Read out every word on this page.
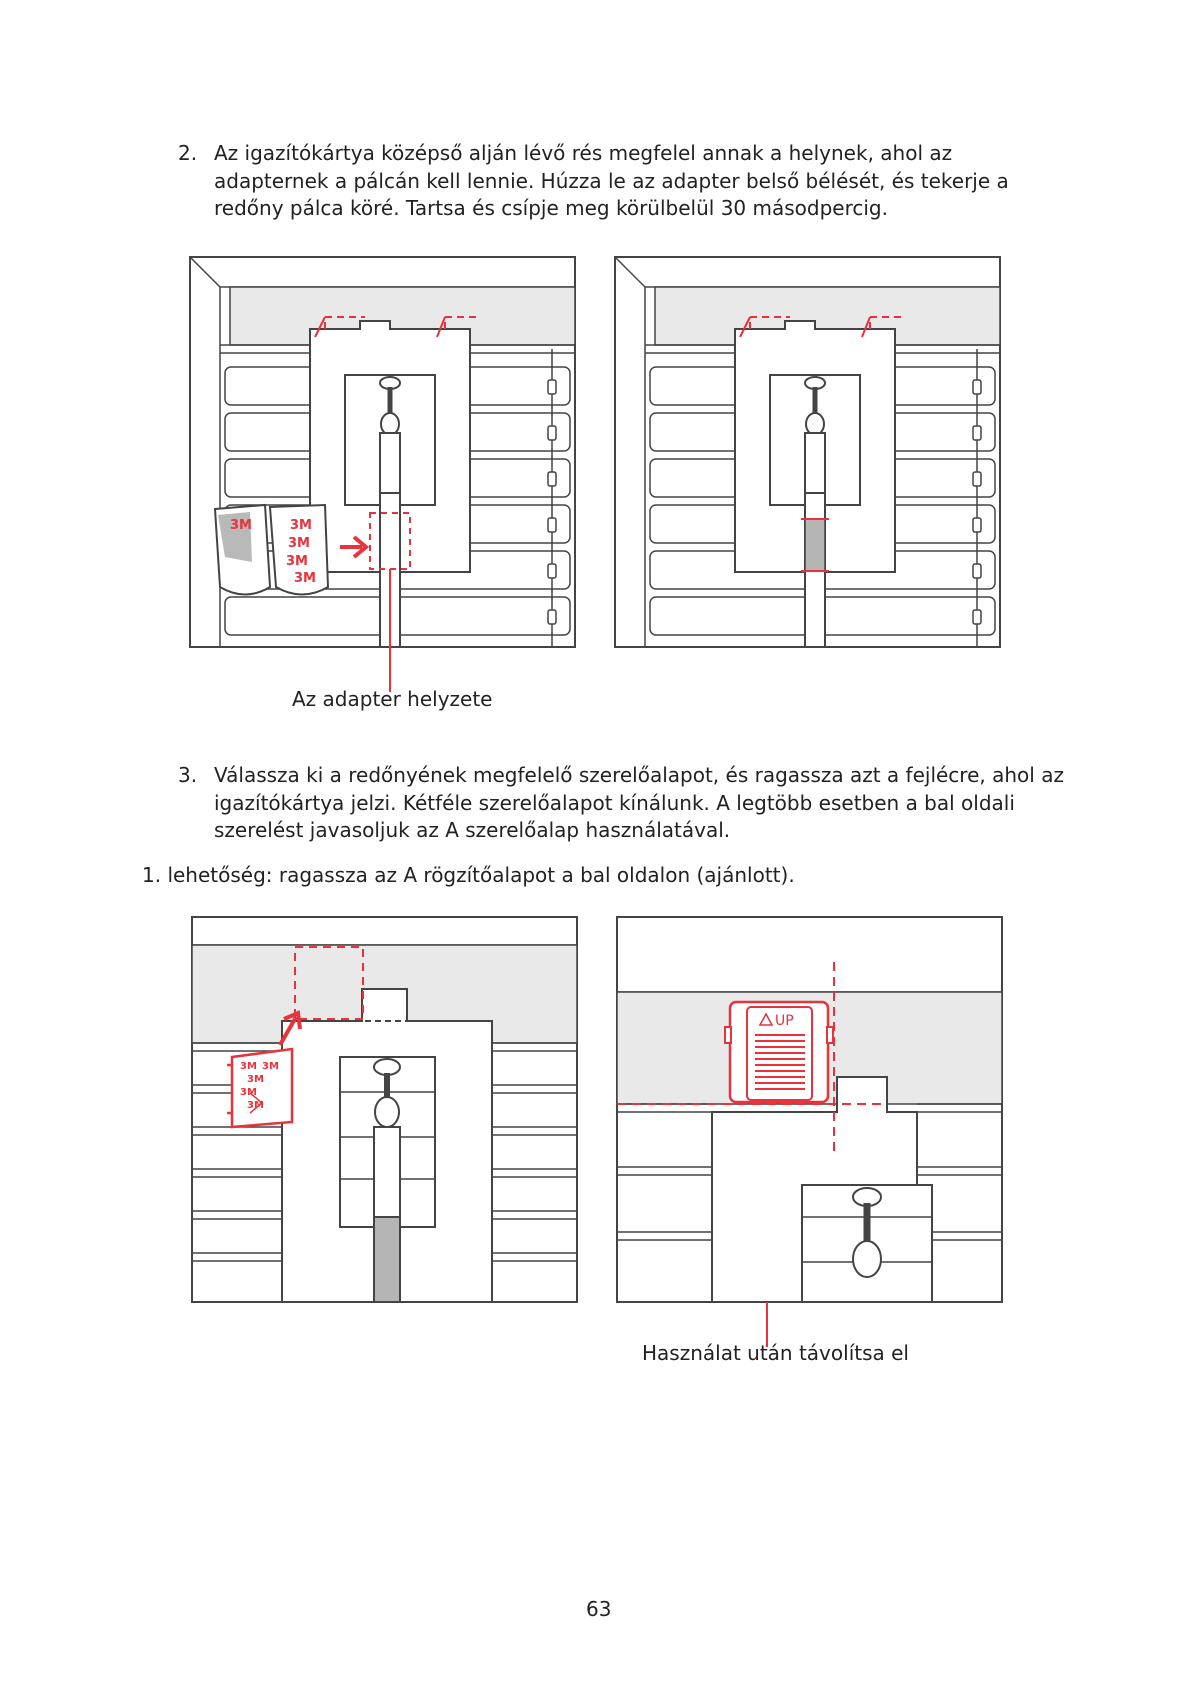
2. Az igazítókártya középső alján lévő rés megfelel annak a helynek, ahol az adapternek a pálcán kell lennie. Húzza le az adapter belső bélését, és tekerje a redőny pálca köré. Tartsa és csípje meg körülbelül 30 másodpercig.

3M	3M
3M
3M
3M
Az adapter helyzete
3. Válassza ki a redőnyének megfelelő szerelőalapot, és ragassza azt a fejlécre, ahol az igazítókártya jelzi. Kétféle szerelőalapot kínálunk. A legtöbb esetben a bal oldali szerelést javasoljuk az A szerelőalap használatával.

1. lehetőség: ragassza az A rögzítőalapot a bal oldalon (ajánlott).
3M 3M
3M
3M
3M
UP
Használat után távolítsa el
63
